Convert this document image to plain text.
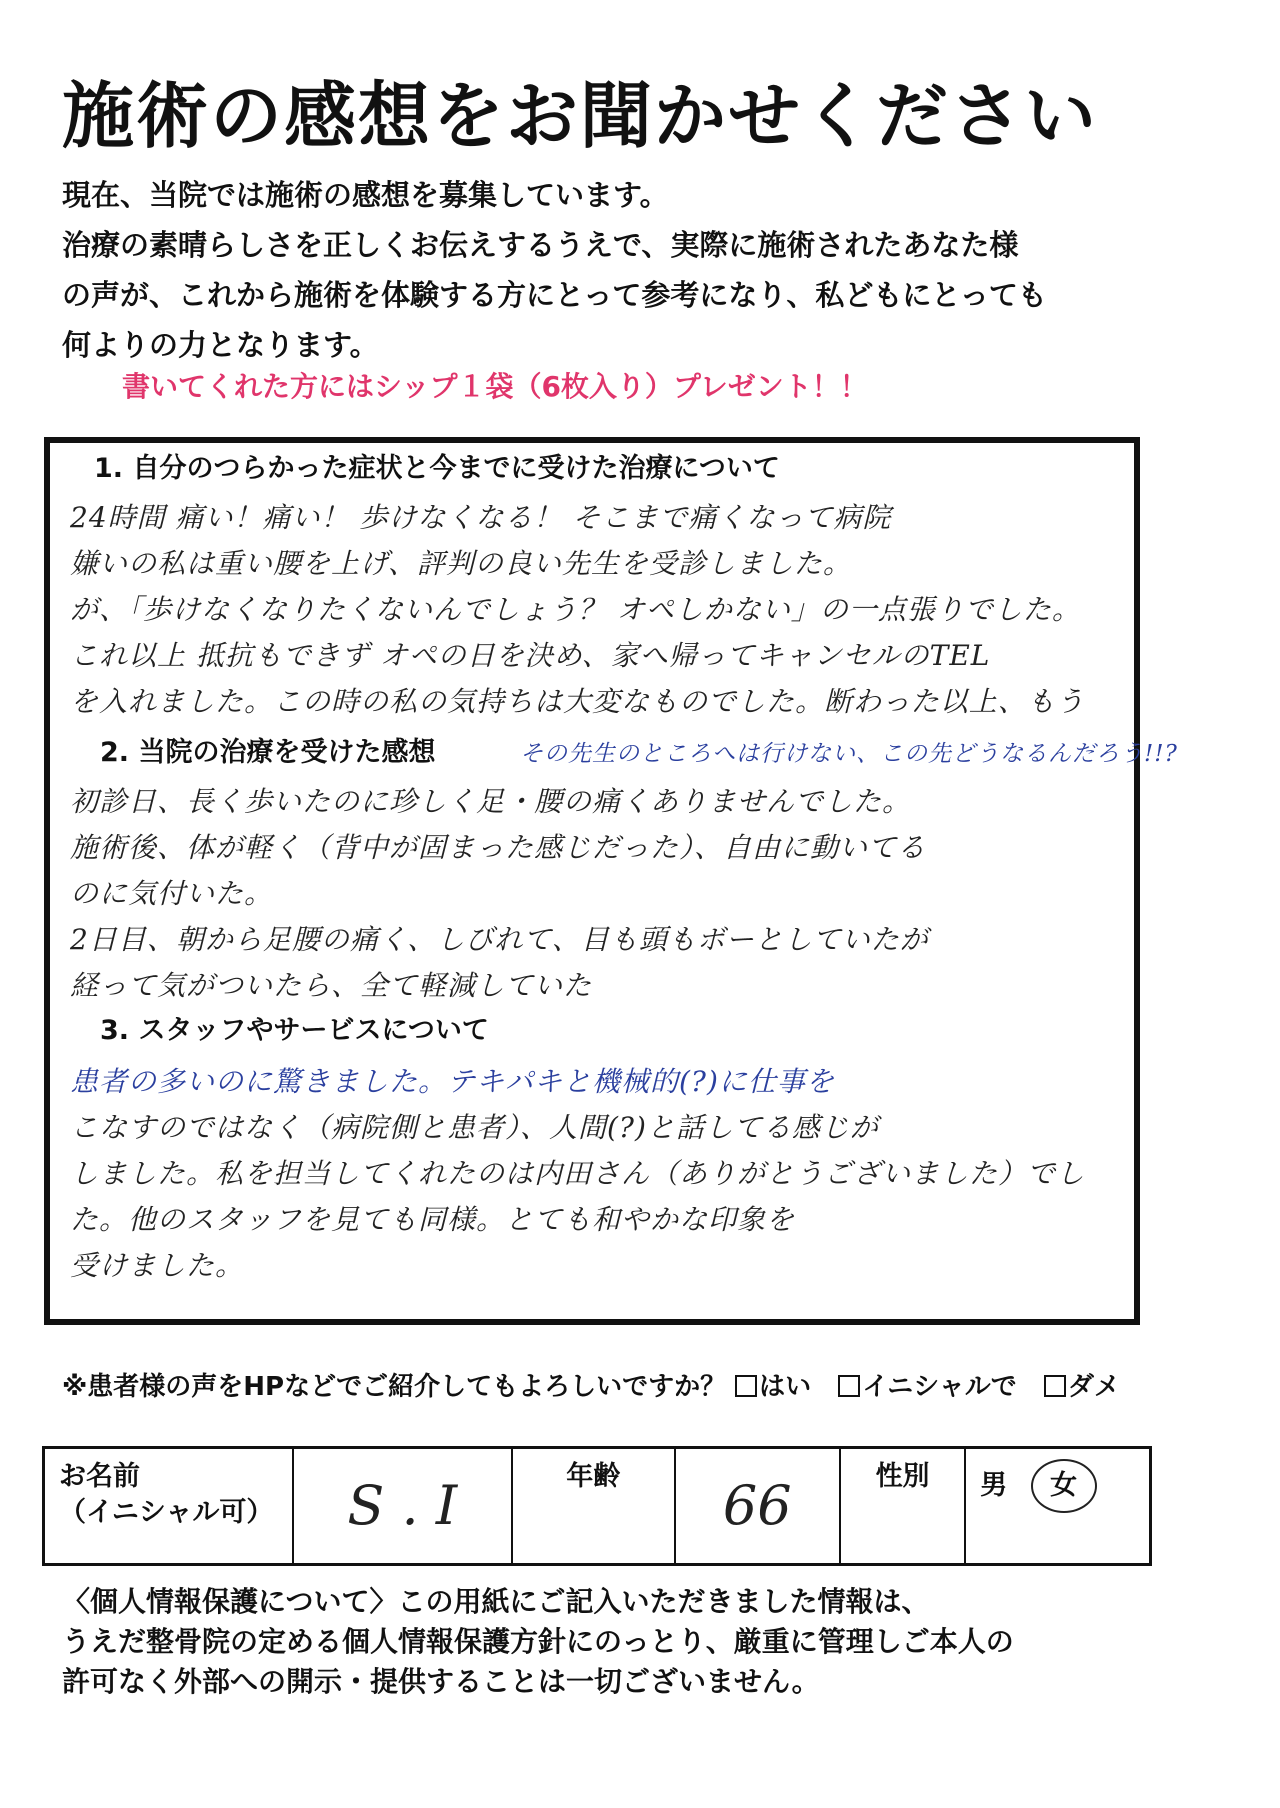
施術の感想をお聞かせください
現在、当院では施術の感想を募集しています。
治療の素晴らしさを正しくお伝えするうえで、実際に施術されたあなた様
の声が、これから施術を体験する方にとって参考になり、私どもにとっても
何よりの力となります。
書いてくれた方にはシップ１袋（6枚入り）プレゼント！！
1. 自分のつらかった症状と今までに受けた治療について
24時間 痛い！痛い！ 歩けなくなる！ そこまで痛くなって病院
嫌いの私は重い腰を上げ、評判の良い先生を受診しました。
が、「歩けなくなりたくないんでしょう？ オペしかない」の一点張りでした。
これ以上 抵抗もできず オペの日を決め、家へ帰ってキャンセルのTEL
を入れました。この時の私の気持ちは大変なものでした。断わった以上、もう
2. 当院の治療を受けた感想	その先生のところへは行けない、この先どうなるんだろう!!?
初診日、長く歩いたのに珍しく足・腰の痛くありませんでした。
施術後、体が軽く（背中が固まった感じだった）、自由に動いてる
のに気付いた。
2日目、朝から足腰の痛く、しびれて、目も頭もボーとしていたが
経って気がついたら、全て軽減していた
3. スタッフやサービスについて
患者の多いのに驚きました。テキパキと機械的(?)に仕事を
こなすのではなく（病院側と患者）、人間(?)と話してる感じが
しました。私を担当してくれたのは内田さん（ありがとうございました）でし
た。他のスタッフを見ても同様。とても和やかな印象を
受けました。
※患者様の声をHPなどでご紹介してもよろしいですか？ はい イニシャルで ダメ
お名前
（イニシャル可）	S . I	年齢	66	性別	男 女
〈個人情報保護について〉この用紙にご記入いただきました情報は、
うえだ整骨院の定める個人情報保護方針にのっとり、厳重に管理しご本人の
許可なく外部への開示・提供することは一切ございません。
